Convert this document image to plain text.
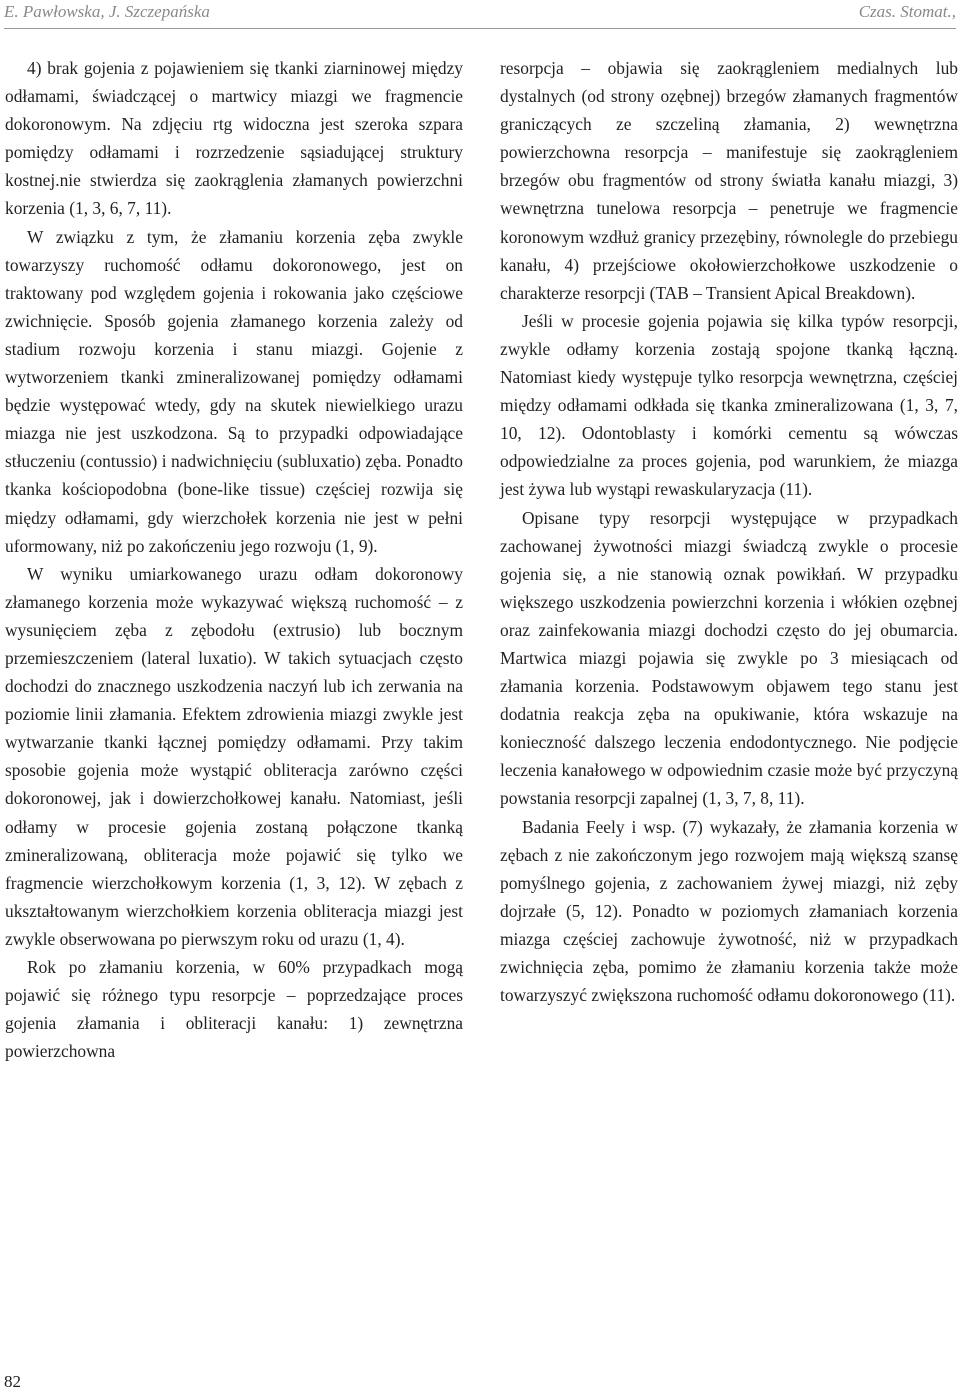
E. Pawłowska, J. Szczepańska	Czas. Stomat.,

4) brak gojenia z pojawieniem się tkanki ziarninowej między odłamami, świadczącej o martwicy miazgi we fragmencie dokoronowym. Na zdjęciu rtg widoczna jest szeroka szpara pomiędzy odłamami i rozrzedzenie sąsiadującej struktury kostnej.nie stwierdza się zaokrąglenia złamanych powierzchni korzenia (1, 3, 6, 7, 11).

W związku z tym, że złamaniu korzenia zęba zwykle towarzyszy ruchomość odłamu dokoronowego, jest on traktowany pod względem gojenia i rokowania jako częściowe zwichnięcie. Sposób gojenia złamanego korzenia zależy od stadium rozwoju korzenia i stanu miazgi. Gojenie z wytworzeniem tkanki zmineralizowanej pomiędzy odłamami będzie występować wtedy, gdy na skutek niewielkiego urazu miazga nie jest uszkodzona. Są to przypadki odpowiadające stłuczeniu (contussio) i nadwichnięciu (subluxatio) zęba. Ponadto tkanka kościopodobna (bone-like tissue) częściej rozwija się między odłamami, gdy wierzchołek korzenia nie jest w pełni uformowany, niż po zakończeniu jego rozwoju (1, 9).

W wyniku umiarkowanego urazu odłam dokoronowy złamanego korzenia może wykazywać większą ruchomość – z wysunięciem zęba z zębodołu (extrusio) lub bocznym przemieszczeniem (lateral luxatio). W takich sytuacjach często dochodzi do znacznego uszkodzenia naczyń lub ich zerwania na poziomie linii złamania. Efektem zdrowienia miazgi zwykle jest wytwarzanie tkanki łącznej pomiędzy odłamami. Przy takim sposobie gojenia może wystąpić obliteracja zarówno części dokoronowej, jak i dowierzchołkowej kanału. Natomiast, jeśli odłamy w procesie gojenia zostaną połączone tkanką zmineralizowaną, obliteracja może pojawić się tylko we fragmencie wierzchołkowym korzenia (1, 3, 12). W zębach z ukształtowanym wierzchołkiem korzenia obliteracja miazgi jest zwykle obserwowana po pierwszym roku od urazu (1, 4).

Rok po złamaniu korzenia, w 60% przypadkach mogą pojawić się różnego typu resorpcje – poprzedzające proces gojenia złamania i obliteracji kanału: 1) zewnętrzna powierzchowna

resorpcja – objawia się zaokrągleniem medialnych lub dystalnych (od strony ozębnej) brzegów złamanych fragmentów graniczących ze szczeliną złamania, 2) wewnętrzna powierzchowna resorpcja – manifestuje się zaokrągleniem brzegów obu fragmentów od strony światła kanału miazgi, 3) wewnętrzna tunelowa resorpcja – penetruje we fragmencie koronowym wzdłuż granicy przezębiny, równolegle do przebiegu kanału, 4) przejściowe okołowierzchołkowe uszkodzenie o charakterze resorpcji (TAB – Transient Apical Breakdown).

Jeśli w procesie gojenia pojawia się kilka typów resorpcji, zwykle odłamy korzenia zostają spojone tkanką łączną. Natomiast kiedy występuje tylko resorpcja wewnętrzna, częściej między odłamami odkłada się tkanka zmineralizowana (1, 3, 7, 10, 12). Odontoblasty i komórki cementu są wówczas odpowiedzialne za proces gojenia, pod warunkiem, że miazga jest żywa lub wystąpi rewaskularyzacja (11).

Opisane typy resorpcji występujące w przypadkach zachowanej żywotności miazgi świadczą zwykle o procesie gojenia się, a nie stanowią oznak powikłań. W przypadku większego uszkodzenia powierzchni korzenia i włókien ozębnej oraz zainfekowania miazgi dochodzi często do jej obumarcia. Martwica miazgi pojawia się zwykle po 3 miesiącach od złamania korzenia. Podstawowym objawem tego stanu jest dodatnia reakcja zęba na opukiwanie, która wskazuje na konieczność dalszego leczenia endodontycznego. Nie podjęcie leczenia kanałowego w odpowiednim czasie może być przyczyną powstania resorpcji zapalnej (1, 3, 7, 8, 11).

Badania Feely i wsp. (7) wykazały, że złamania korzenia w zębach z nie zakończonym jego rozwojem mają większą szansę pomyślnego gojenia, z zachowaniem żywej miazgi, niż zęby dojrzałe (5, 12). Ponadto w poziomych złamaniach korzenia miazga częściej zachowuje żywotność, niż w przypadkach zwichnięcia zęba, pomimo że złamaniu korzenia także może towarzyszyć zwiększona ruchomość odłamu dokoronowego (11).

82
